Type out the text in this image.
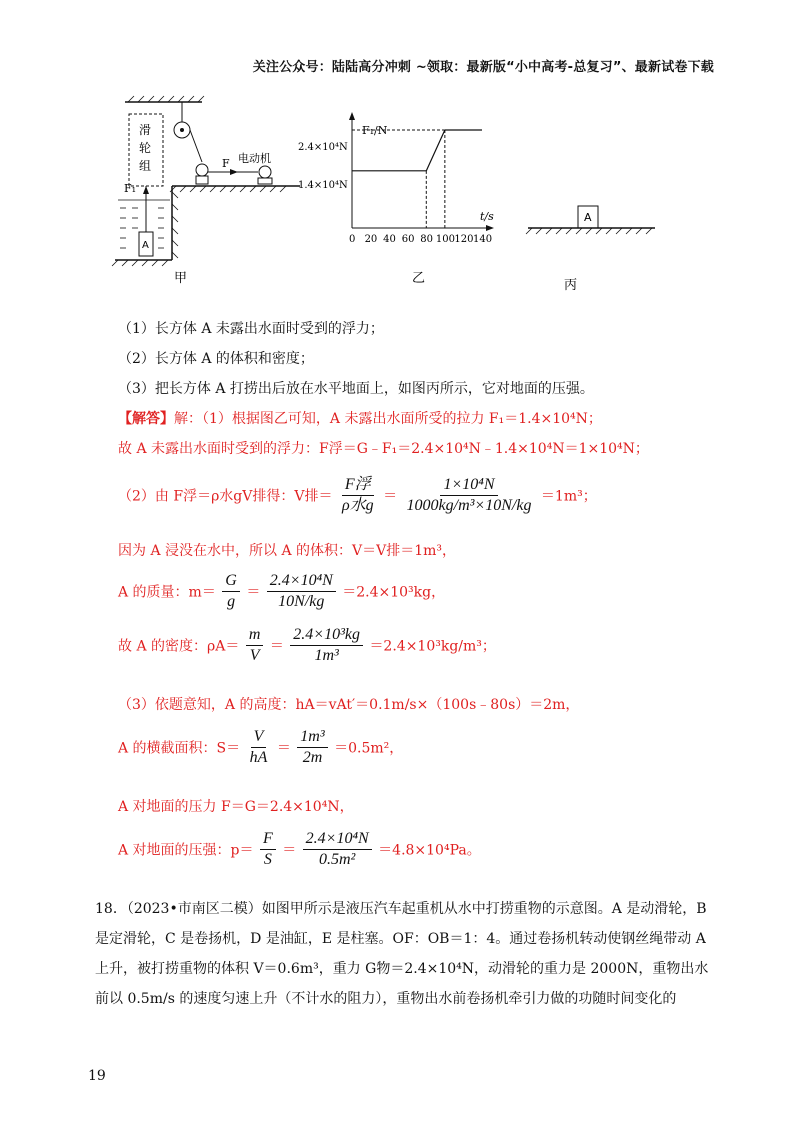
关注公众号：陆陆高分冲刺 ~领取：最新版“小中高考-总复习”、最新试卷下载
滑
轮
组	F 电动机
F₁
A
甲
F₁/N
t/s
2.4×10⁴N
1.4×10⁴N
0 20 40 60 80 100 120 140
乙
A
丙
（1）长方体 A 未露出水面时受到的浮力；
（2）长方体 A 的体积和密度；
（3）把长方体 A 打捞出后放在水平地面上，如图丙所示，它对地面的压强。
【解答】解：（1）根据图乙可知，A 未露出水面所受的拉力 F₁＝1.4×10⁴N；
故 A 未露出水面时受到的浮力：F浮＝G﹣F₁＝2.4×10⁴N﹣1.4×10⁴N＝1×10⁴N；
（2）由 F浮＝ρ水gV排得：V排＝ $\frac{\text{F浮}}{\text{ρ水g}} = \frac{\text{1×10⁴N}}{\text{1000kg/m³×10N/kg}} =1m^3$；
因为 A 浸没在水中，所以 A 的体积：V＝V排＝1m³，
A 的质量：$m= \frac{G}{g} = \frac{\text{2.4×10⁴N}}{10N/kg} =2.4\times 10^3kg$，
故 A 的密度：$\rho A= \frac{m}{V} = \frac{\text{2.4×10³kg}}{\text{1m³}} =2.4\times 10^3kg/m^3$；
（3）依题意知，A 的高度：hA＝vAt′＝0.1m/s×（100s﹣80s）＝2m，
A 的横截面积：$S= \frac{V}{hA} = \frac{\text{1m³}}{2m} =0.5m^2$，
A 对地面的压力 F＝G＝2.4×10⁴N，
A 对地面的压强：$p= \frac{F}{S} = \frac{\text{2.4×10⁴N}}{\text{0.5m²}} =4.8\times 10^4Pa$。
18．（2023•市南区二模）如图甲所示是液压汽车起重机从水中打捞重物的示意图。A 是动滑轮，B 是定滑轮，C 是卷扬机，D 是油缸，E 是柱塞。OF：OB＝1：4。通过卷扬机转动使钢丝绳带动 A 上升，被打捞重物的体积 V＝0.6m³，重力 G物＝2.4×10⁴N，动滑轮的重力是 2000N，重物出水前以 0.5m/s 的速度匀速上升（不计水的阻力），重物出水前卷扬机牵引力做的功随时间变化的
19
